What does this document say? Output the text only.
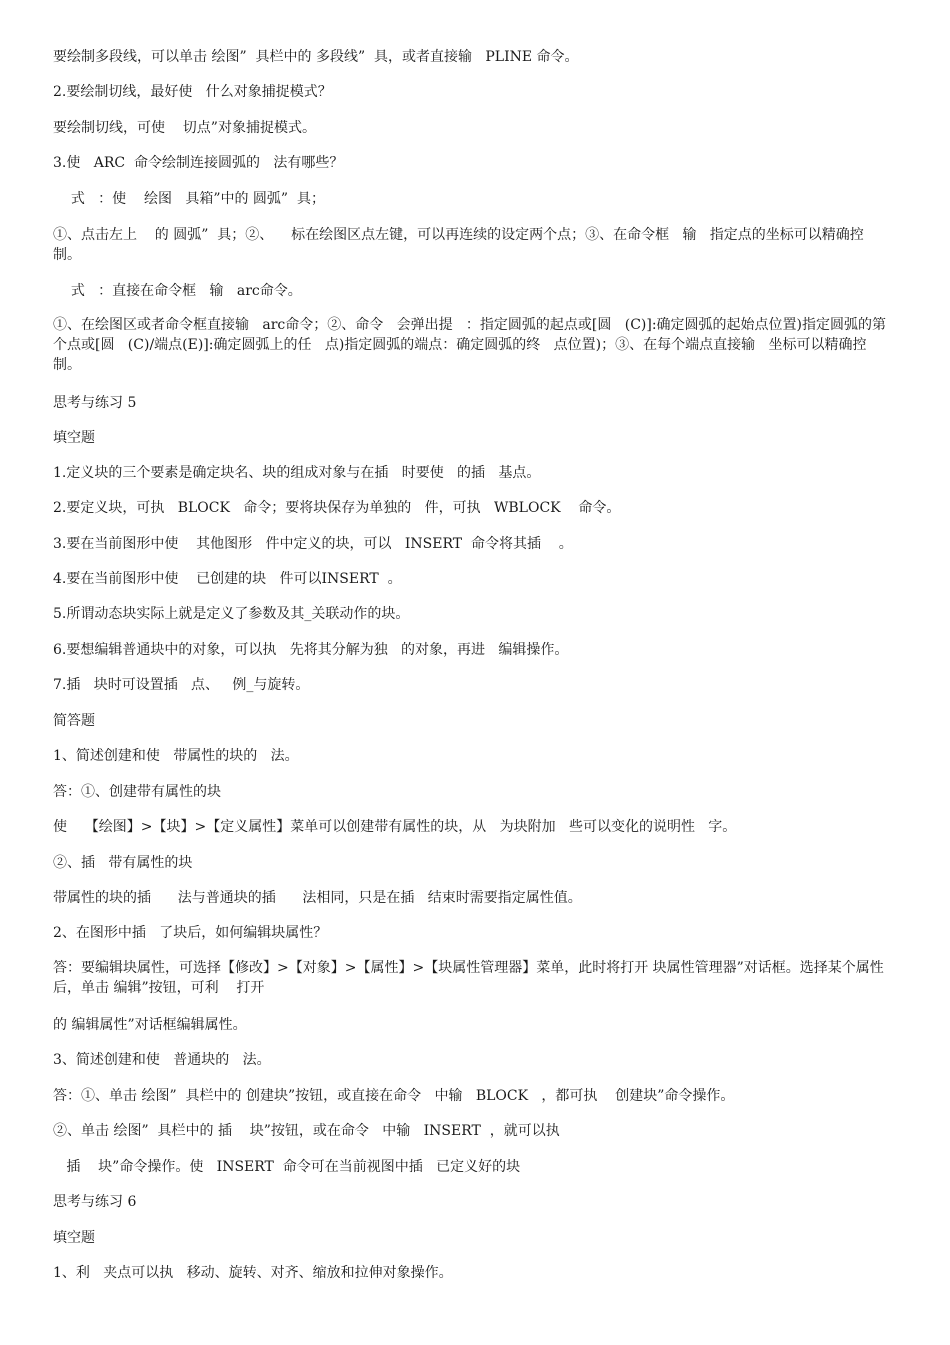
要绘制多段线，可以单击 绘图”  具栏中的 多段线”  具，或者直接输   PLINE 命令。

2.要绘制切线，最好使   什么对象捕捉模式？

要绘制切线，可使    切点”对象捕捉模式。

3.使   ARC  命令绘制连接圆弧的   法有哪些？

式   ：使    绘图   具箱”中的 圆弧”  具；

①、点击左上    的 圆弧”  具；②、    标在绘图区点左键，可以再连续的设定两个点；③、在命令框   输   指定点的坐标可以精确控制。

式   ：直接在命令框   输   arc命令。

①、在绘图区或者命令框直接输   arc命令；②、命令   会弹出提   ：指定圆弧的起点或[圆   (C)]:确定圆弧的起始点位置)指定圆弧的第   个点或[圆   (C)/端点(E)]:确定圆弧上的任   点)指定圆弧的端点：确定圆弧的终   点位置)；③、在每个端点直接输   坐标可以精确控制。

思考与练习 5

填空题

1.定义块的三个要素是确定块名、块的组成对象与在插   时要使   的插   基点。

2.要定义块，可执   BLOCK   命令；要将块保存为单独的   件，可执   WBLOCK    命令。

3.要在当前图形中使    其他图形   件中定义的块，可以   INSERT  命令将其插    。

4.要在当前图形中使    已创建的块   件可以INSERT  。

5.所谓动态块实际上就是定义了参数及其_关联动作的块。

6.要想编辑普通块中的对象，可以执   先将其分解为独   的对象，再进   编辑操作。

7.插   块时可设置插   点、   例_与旋转。

简答题

1、简述创建和使   带属性的块的   法。

答：①、创建带有属性的块

使    【绘图】>【块】>【定义属性】菜单可以创建带有属性的块，从   为块附加   些可以变化的说明性   字。

②、插   带有属性的块

带属性的块的插      法与普通块的插      法相同，只是在插   结束时需要指定属性值。

2、在图形中插   了块后，如何编辑块属性？

答：要编辑块属性，可选择【修改】>【对象】>【属性】>【块属性管理器】菜单，此时将打开 块属性管理器”对话框。选择某个属性后，单击 编辑”按钮，可利    打开

的 编辑属性”对话框编辑属性。

3、简述创建和使   普通块的   法。

答：①、单击 绘图”  具栏中的 创建块”按钮，或直接在命令   中输   BLOCK   ，都可执    创建块”命令操作。

②、单击 绘图”  具栏中的 插    块”按钮，或在命令   中输   INSERT  ，就可以执

插    块”命令操作。使   INSERT  命令可在当前视图中插   已定义好的块

思考与练习 6

填空题

1、利   夹点可以执   移动、旋转、对齐、缩放和拉伸对象操作。
